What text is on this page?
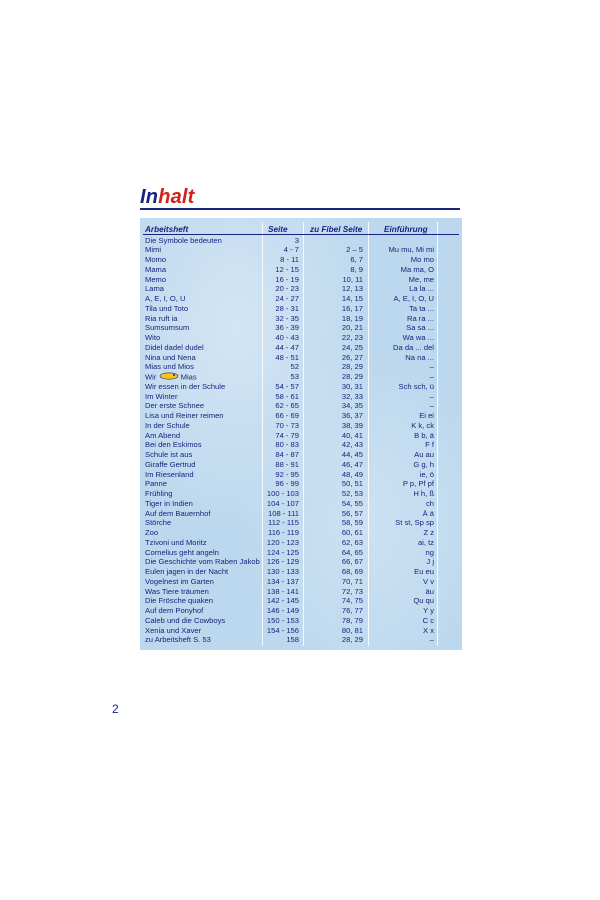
Inhalt
Arbeitsheft	Seite	zu Fibel Seite	Einführung
Die Symbole bedeuten	3
Mimi	4 - 7	2 – 5	Mu mu, Mi mi
Momo	8 - 11	6, 7	Mo mo
Mama	12 - 15	8, 9	Ma ma, O
Memo	16 - 19	10, 11	Me, me
Lama	20 - 23	12, 13	La la ...
A, E, I, O, U	24 - 27	14, 15	A, E, I, O, U
Tila und Toto	28 - 31	16, 17	Ta ta ...
Ria ruft ia	32 - 35	18, 19	Ra ra ...
Sumsumsum	36 - 39	20, 21	Sa sa ...
Wito	40 - 43	22, 23	Wa wa ...
Didel dadel dudel	44 - 47	24, 25	Da da ... del
Nina und Nena	48 - 51	26, 27	Na na ...
Mias und Mios	52	28, 29	–
Wir	Mias	53	28, 29	–
Wir essen in der Schule	54 - 57	30, 31	Sch sch, ü
Im Winter	58 - 61	32, 33	–
Der erste Schnee	62 - 65	34, 35	–
Lisa und Reiner reimen	66 - 69	36, 37	Ei ei
In der Schule	70 - 73	38, 39	K k, ck
Am Abend	74 - 79	40, 41	B b, ä
Bei den Eskimos	80 - 83	42, 43	F f
Schule ist aus	84 - 87	44, 45	Au au
Giraffe Gertrud	88 - 91	46, 47	G g, h
Im Riesenland	92 - 95	48, 49	ie, ö
Panne	96 - 99	50, 51	P p, Pf pf
Frühling	100 - 103	52, 53	H h, ß
Tiger in Indien	104 - 107	54, 55	ch
Auf dem Bauernhof	108 - 111	56, 57	Ä ä
Störche	112 - 115	58, 59	St st, Sp sp
Zoo	116 - 119	60, 61	Z z
Tzivoni und Moritz	120 - 123	62, 63	ai, tz
Cornelius geht angeln	124 - 125	64, 65	ng
Die Geschichte vom Raben Jakob 126 - 129	66, 67	J j
Eulen jagen in der Nacht	130 - 133	68, 69	Eu eu
Vogelnest im Garten	134 - 137	70, 71	V v
Was Tiere träumen	138 - 141	72, 73	äu
Die Frösche quaken	142 - 145	74, 75	Qu qu
Auf dem Ponyhof	146 - 149	76, 77	Y y
Caleb und die Cowboys	150 - 153	78, 79	C c
Xenia und Xaver	154 - 156	80, 81	X x
zu Arbeitsheft S. 53	158	28, 29	–
2
